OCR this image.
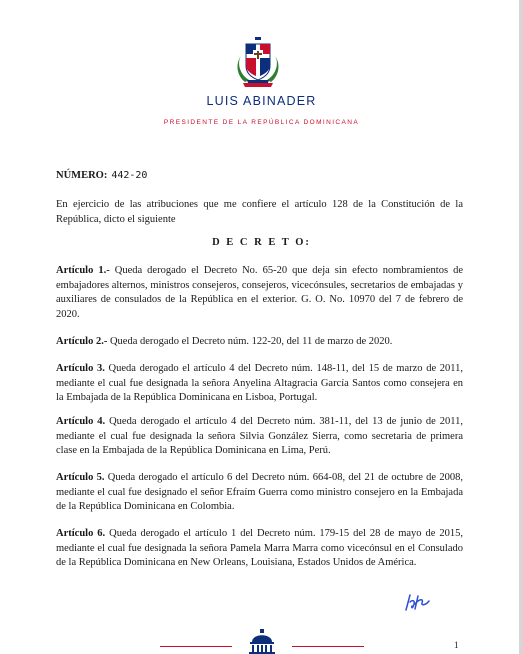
LUIS ABINADER
PRESIDENTE DE LA REPÚBLICA DOMINICANA
NÚMERO: 442-20
En ejercicio de las atribuciones que me confiere el artículo 128 de la Constitución de la República, dicto el siguiente
D E C R E T O:
Artículo 1.- Queda derogado el Decreto No. 65-20 que deja sin efecto nombramientos de embajadores alternos, ministros consejeros, consejeros, vicecónsules, secretarios de embajadas y auxiliares de consulados de la República en el exterior. G. O. No. 10970 del 7 de febrero de 2020.
Artículo 2.- Queda derogado el Decreto núm. 122-20, del 11 de marzo de 2020.
Artículo 3. Queda derogado el artículo 4 del Decreto núm. 148-11, del 15 de marzo de 2011, mediante el cual fue designada la señora Anyelina Altagracia García Santos como consejera en la Embajada de la República Dominicana en Lisboa, Portugal.
Artículo 4. Queda derogado el artículo 4 del Decreto núm. 381-11, del 13 de junio de 2011, mediante el cual fue designada la señora Silvia González Sierra, como secretaria de primera clase en la Embajada de la República Dominicana en Lima, Perú.
Artículo 5. Queda derogado el artículo 6 del Decreto núm. 664-08, del 21 de octubre de 2008, mediante el cual fue designado el señor Efraím Guerra como ministro consejero en la Embajada de la República Dominicana en Colombia.
Artículo 6. Queda derogado el artículo 1 del Decreto núm. 179-15 del 28 de mayo de 2015, mediante el cual fue designada la señora Pamela Marra Marra como vicecónsul en el Consulado de la República Dominicana en New Orleans, Louisiana, Estados Unidos de América.
1
